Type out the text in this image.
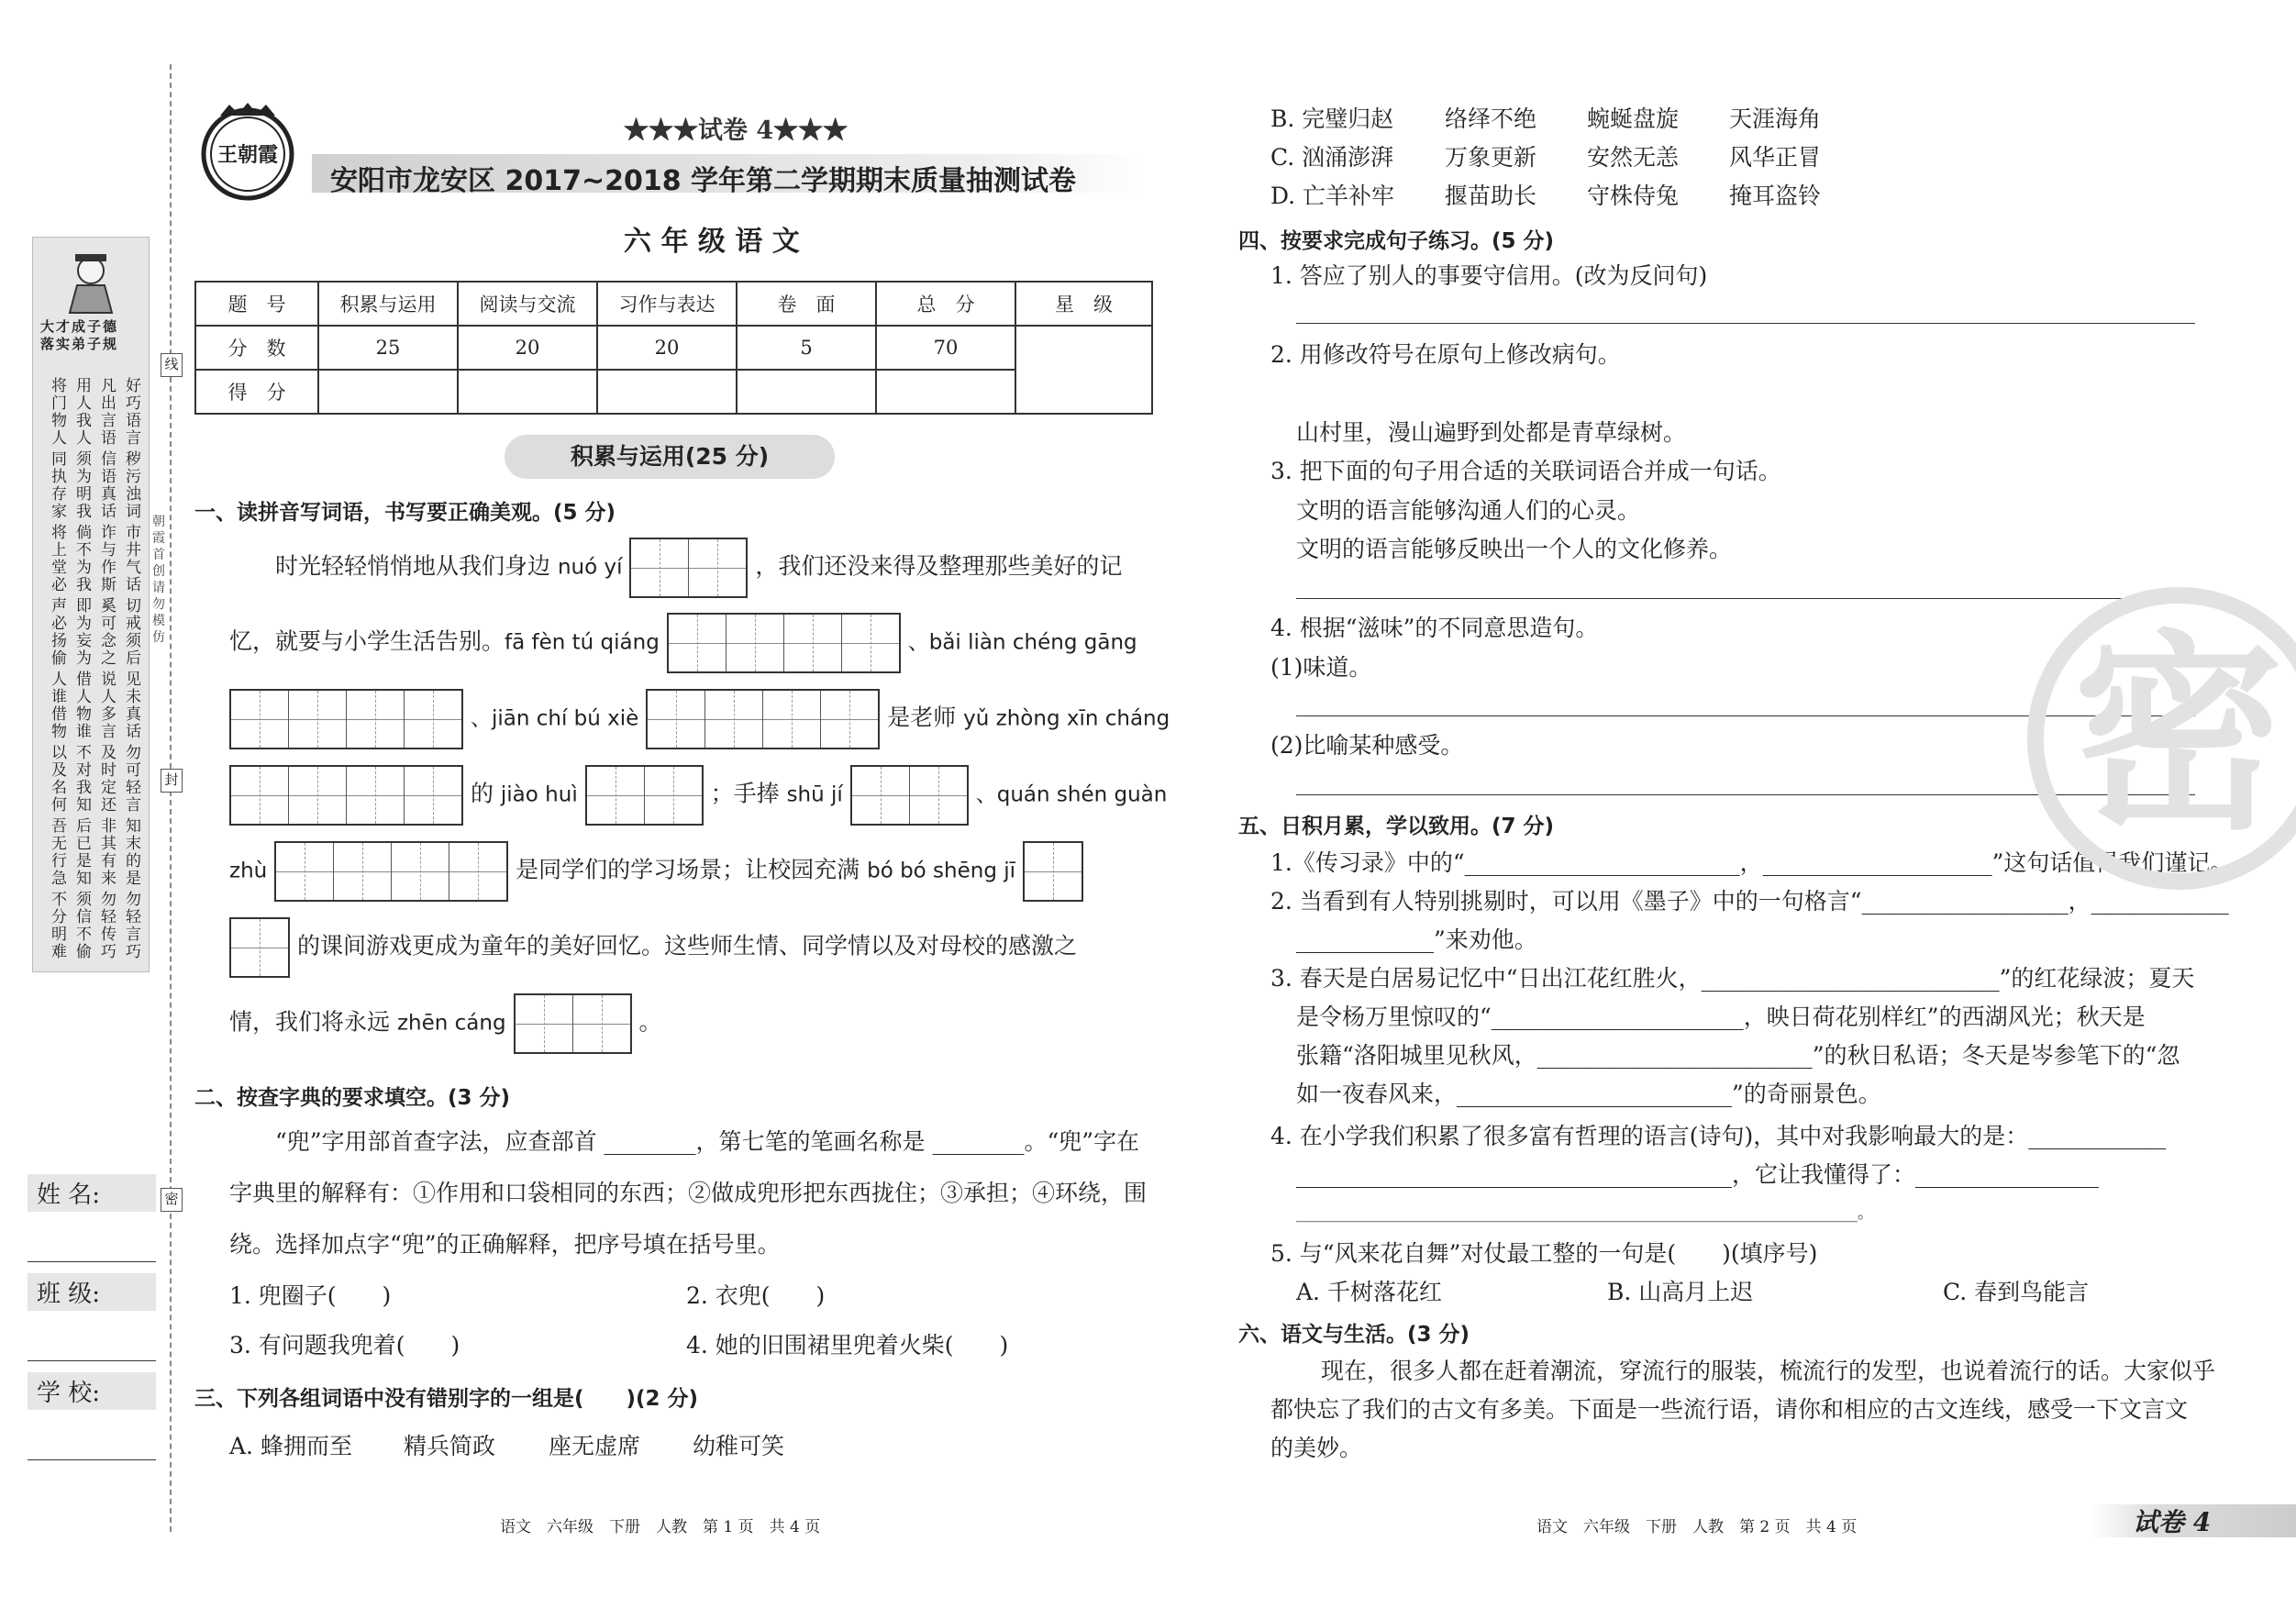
大才成子德
落实弟子规
将门物人 用人我人 凡出言语 好巧语言
同执存家 须为明我 信语真话 秽污浊词
将上堂必 倘不为我 诈与作斯 市井气话
声必扬偷 即为妄为 奚可念之 切戒须后
人谁借物 借人物谁 说人多言 见未真话
以及名何 不对我知 及时定还 勿可轻言
吾无行急 后已是知 非其有来 知末的是
不分明难 须信不偷 勿轻传巧 勿轻言巧
线
封
密
朝霞首创 请勿模仿
姓 名:
班 级:
学 校:
王朝霞
★★★试卷 4★★★
安阳市龙安区 2017~2018 学年第二学期期末质量抽测试卷
六 年 级 语 文
题　号	积累与运用	阅读与交流	习作与表达	卷　面	总　分	星　级
分　数	25	20	20	5	70	
得　分						
积累与运用(25 分)
一、读拼音写词语，书写要正确美观。(5 分)
时光轻轻悄悄地从我们身边 nuó yí	，我们还没来得及整理那些美好的记
忆，就要与小学生活告别。fā fèn tú qiáng	、bǎi liàn chéng gāng
、jiān chí bú xiè	是老师 yǔ zhòng xīn cháng
的 jiào huì	；手捧 shū jí	、quán shén guàn
zhù	是同学们的学习场景；让校园充满 bó bó shēng jī
的课间游戏更成为童年的美好回忆。这些师生情、同学情以及对母校的感激之
情，我们将永远 zhēn cáng	。
二、按查字典的要求填空。(3 分)
“兜”字用部首查字法，应查部首 ________，第七笔的笔画名称是 ________。“兜”字在
字典里的解释有：①作用和口袋相同的东西；②做成兜形把东西拢住；③承担；④环绕，围
绕。选择加点字“兜”的正确解释，把序号填在括号里。
1. 兜圈子(　　)	2. 衣兜(　　)
3. 有问题我兜着(　　)	4. 她的旧围裙里兜着火柴(　　)
三、下列各组词语中没有错别字的一组是(　　)(2 分)
A. 蜂拥而至 精兵简政 座无虚席 幼稚可笑
B. 完璧归赵 络绎不绝 蜿蜒盘旋 天涯海角
C. 汹涌澎湃 万象更新 安然无恙 风华正冒
D. 亡羊补牢 揠苗助长 守株侍兔 掩耳盗铃
四、按要求完成句子练习。(5 分)
1. 答应了别人的事要守信用。(改为反问句)
2. 用修改符号在原句上修改病句。
山村里，漫山遍野到处都是青草绿树。
3. 把下面的句子用合适的关联词语合并成一句话。
文明的语言能够沟通人们的心灵。
文明的语言能够反映出一个人的文化修养。
4. 根据“滋味”的不同意思造句。
(1)味道。
(2)比喻某种感受。
五、日积月累，学以致用。(7 分)
1.《传习录》中的“________________________，____________________”这句话值得我们谨记。
2. 当看到有人特别挑剔时，可以用《墨子》中的一句格言“__________________，____________
____________”来劝他。
3. 春天是白居易记忆中“日出江花红胜火，__________________________”的红花绿波；夏天
是令杨万里惊叹的“______________________，映日荷花别样红”的西湖风光；秋天是
张籍“洛阳城里见秋风，________________________”的秋日私语；冬天是岑参笔下的“忽
如一夜春风来，________________________”的奇丽景色。
4. 在小学我们积累了很多富有哲理的语言(诗句)，其中对我影响最大的是：____________
______________________________________，它让我懂得了：________________
________________________________________________________________________。
5. 与“风来花自舞”对仗最工整的一句是(　　)(填序号)
A. 千树落花红	B. 山高月上迟	C. 春到鸟能言
六、语文与生活。(3 分)
现在，很多人都在赶着潮流，穿流行的服装，梳流行的发型，也说着流行的话。大家似乎
都快忘了我们的古文有多美。下面是一些流行语，请你和相应的古文连线，感受一下文言文
的美妙。
密
语文　六年级　下册　人教　第 1 页　共 4 页	语文　六年级　下册　人教　第 2 页　共 4 页	试卷 4
